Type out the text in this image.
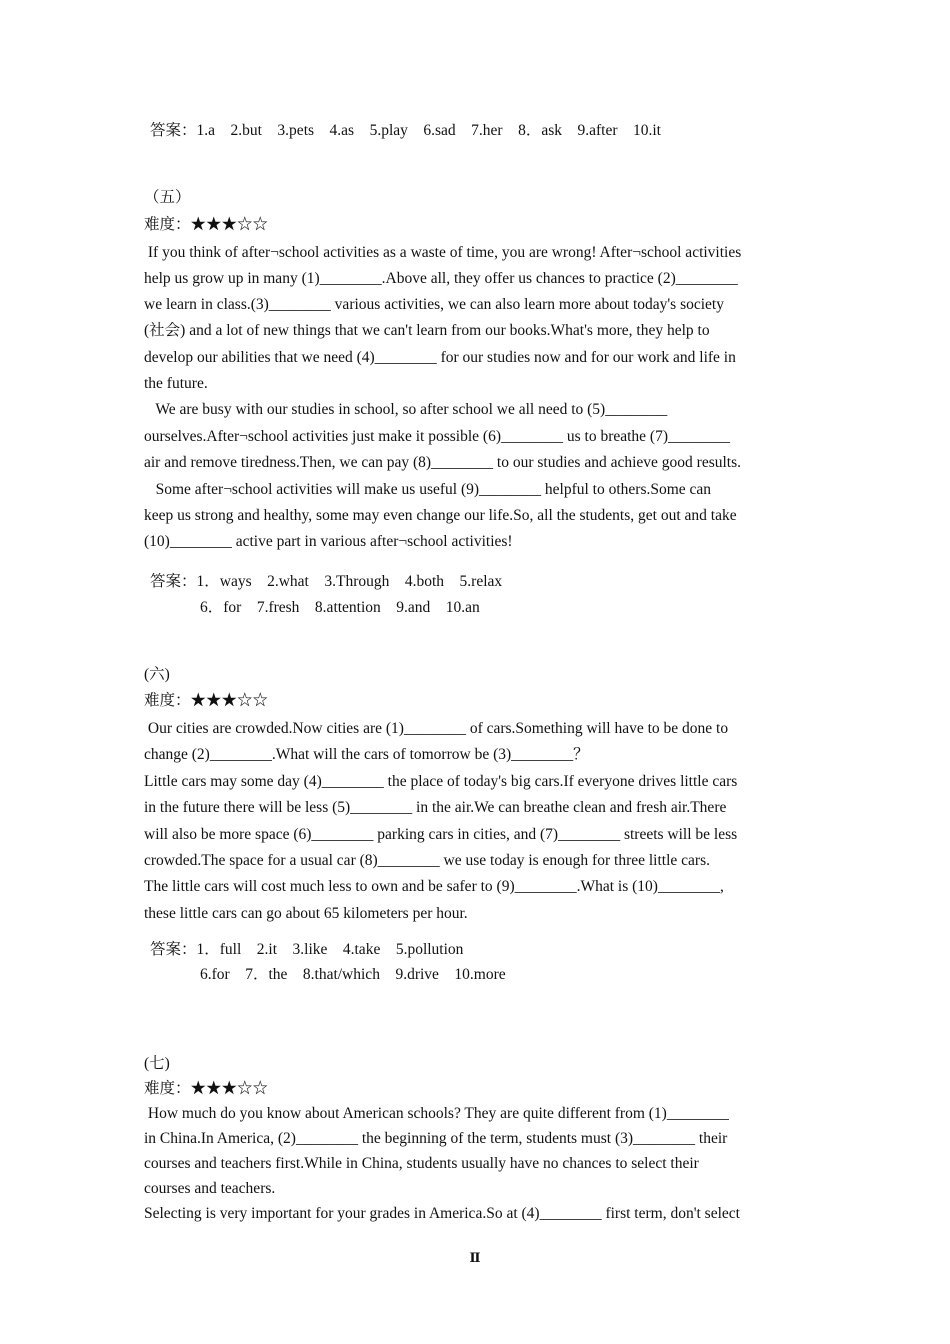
答案：1.a    2.but    3.pets    4.as    5.play    6.sad    7.her    8．ask    9.after    10.it
（五）
难度：★★★☆☆
If you think of after¬school activities as a waste of time, you are wrong! After¬school activities
help us grow up in many (1)________.Above all, they offer us chances to practice (2)________
we learn in class.(3)________ various activities, we can also learn more about today's society
(社会) and a lot of new things that we can't learn from our books.What's more, they help to
develop our abilities that we need (4)________ for our studies now and for our work and life in
the future.
We are busy with our studies in school, so after school we all need to (5)________
ourselves.After¬school activities just make it possible (6)________ us to breathe (7)________
air and remove tiredness.Then, we can pay (8)________ to our studies and achieve good results.
Some after¬school activities will make us useful (9)________ helpful to others.Some can
keep us strong and healthy, some may even change our life.So, all the students, get out and take
(10)________ active part in various after¬school activities!
答案：1．ways    2.what    3.Through    4.both    5.relax
6．for    7.fresh    8.attention    9.and    10.an
(六)
难度：★★★☆☆
Our cities are crowded.Now cities are (1)________ of cars.Something will have to be done to
change (2)________.What will the cars of tomorrow be (3)________？
Little cars may some day (4)________ the place of today's big cars.If everyone drives little cars
in the future there will be less (5)________ in the air.We can breathe clean and fresh air.There
will also be more space (6)________ parking cars in cities, and (7)________ streets will be less
crowded.The space for a usual car (8)________ we use today is enough for three little cars.
The little cars will cost much less to own and be safer to (9)________.What is (10)________,
these little cars can go about 65 kilometers per hour.
答案：1．full    2.it    3.like    4.take    5.pollution
6.for    7．the    8.that/which    9.drive    10.more
(七)
难度：★★★☆☆
How much do you know about American schools? They are quite different from (1)________
in China.In America, (2)________ the beginning of the term, students must (3)________ their
courses and teachers first.While in China, students usually have no chances to select their
courses and teachers.
Selecting is very important for your grades in America.So at (4)________ first term, don't select
Ⅱ
